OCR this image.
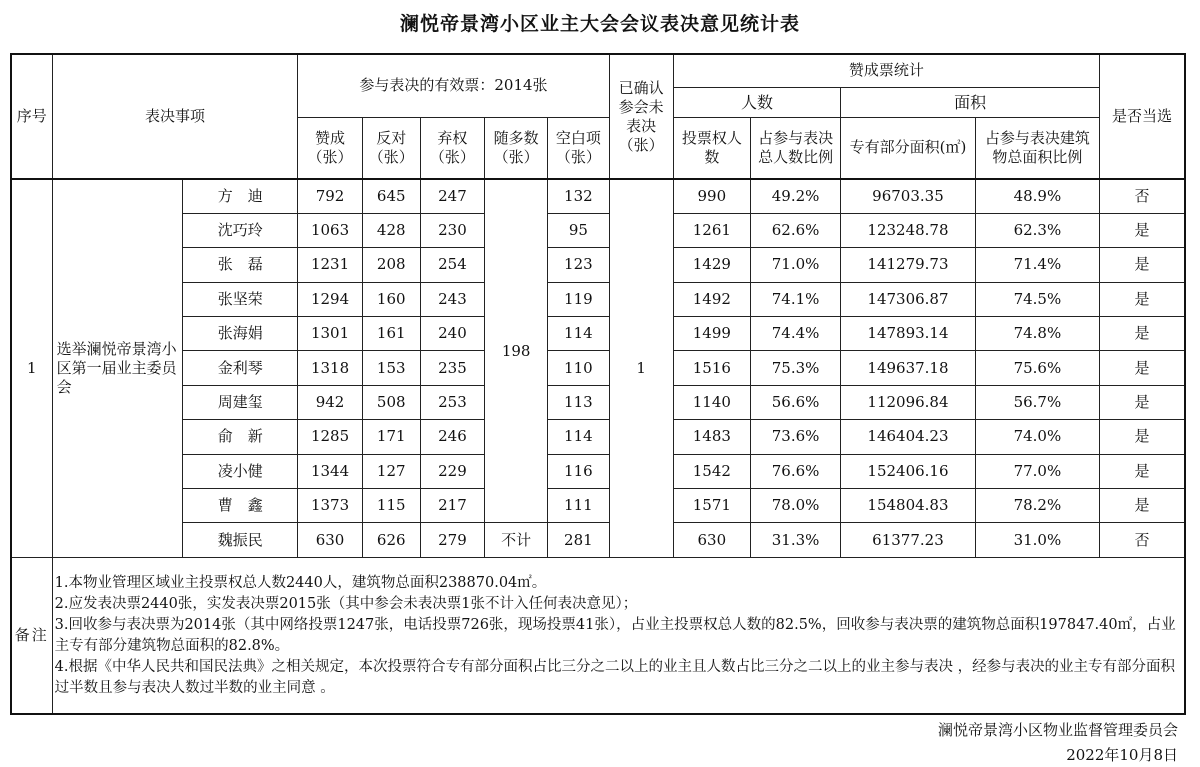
澜悦帝景湾小区业主大会会议表决意见统计表
序号	表决事项		参与表决的有效票：2014张					已确认参会未表决（张）	赞成票统计				是否当选
									人数		面积		
			赞成（张）	反对（张）	弃权（张）	随多数（张）	空白项（张）		投票权人数	占参与表决总人数比例	专有部分面积(㎡)	占参与表决建筑物总面积比例	
1	选举澜悦帝景湾小区第一届业主委员会	方　迪	792	645	247	198	132	1	990	49.2%	96703.35	48.9%	否
		沈巧玲	1063	428	230		95		1261	62.6%	123248.78	62.3%	是
		张　磊	1231	208	254		123		1429	71.0%	141279.73	71.4%	是
		张坚荣	1294	160	243		119		1492	74.1%	147306.87	74.5%	是
		张海娟	1301	161	240		114		1499	74.4%	147893.14	74.8%	是
		金利琴	1318	153	235		110		1516	75.3%	149637.18	75.6%	是
		周建玺	942	508	253		113		1140	56.6%	112096.84	56.7%	是
		俞　新	1285	171	246		114		1483	73.6%	146404.23	74.0%	是
		凌小健	1344	127	229		116		1542	76.6%	152406.16	77.0%	是
		曹　鑫	1373	115	217		111		1571	78.0%	154804.83	78.2%	是
		魏振民	630	626	279	不计	281		630	31.3%	61377.23	31.0%	否
备注	1.本物业管理区域业主投票权总人数2440人，建筑物总面积238870.04㎡。
2.应发表决票2440张，实发表决票2015张（其中参会未表决票1张不计入任何表决意见）；
3.回收参与表决票为2014张（其中网络投票1247张，电话投票726张，现场投票41张），占业主投票权总人数的82.5%，回收参与表决票的建筑物总面积197847.40㎡，占业主专有部分建筑物总面积的82.8%。
4.根据《中华人民共和国民法典》之相关规定，本次投票符合专有部分面积占比三分之二以上的业主且人数占比三分之二以上的业主参与表决 ，经参与表决的业主专有部分面积过半数且参与表决人数过半数的业主同意 。												
澜悦帝景湾小区物业监督管理委员会
2022年10月8日
